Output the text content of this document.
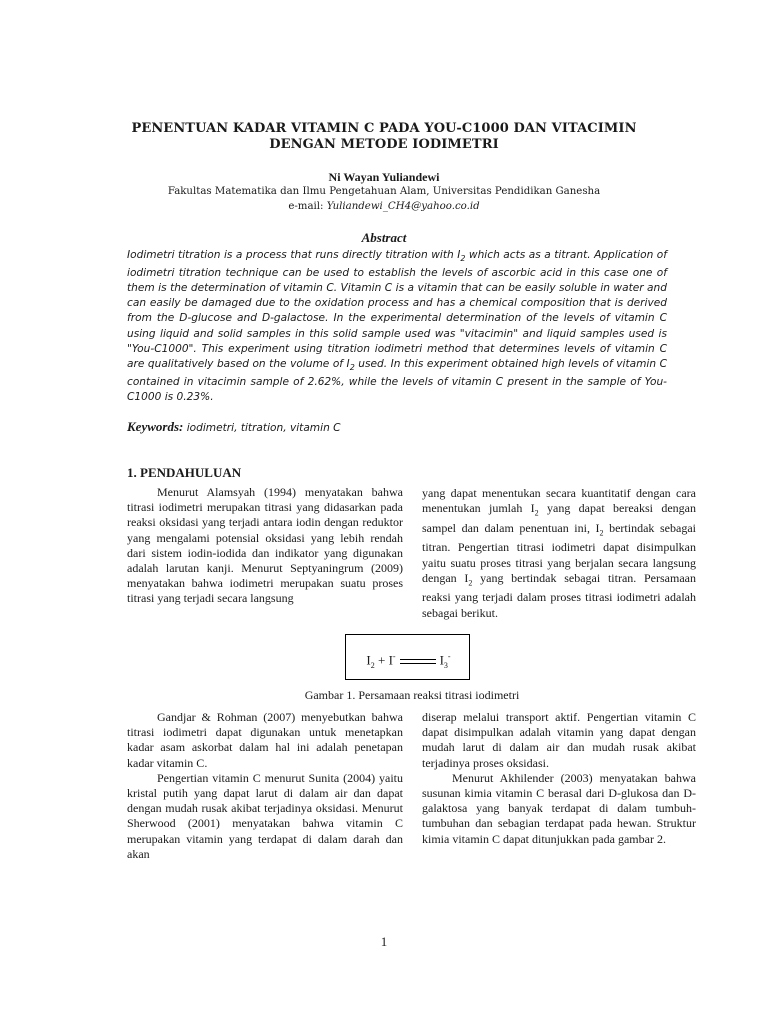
PENENTUAN KADAR VITAMIN C PADA YOU-C1000 DAN VITACIMIN
DENGAN METODE IODIMETRI
Ni Wayan Yuliandewi
Fakultas Matematika dan Ilmu Pengetahuan Alam, Universitas Pendidikan Ganesha
e-mail: Yuliandewi_CH4@yahoo.co.id
Abstract

Iodimetri titration is a process that runs directly titration with $I_2$ which acts as a titrant. Application of iodimetri titration technique can be used to establish the levels of ascorbic acid in this case one of them is the determination of vitamin C. Vitamin C is a vitamin that can be easily soluble in water and can easily be damaged due to the oxidation process and has a chemical composition that is derived from the D-glucose and D-galactose. In the experimental determination of the levels of vitamin C using liquid and solid samples in this solid sample used was "vitacimin" and liquid samples used is "You-C1000". This experiment using titration iodimetri method that determines levels of vitamin C are qualitatively based on the volume of $I_2$ used. In this experiment obtained high levels of vitamin C contained in vitacimin sample of 2.62%, while the levels of vitamin C present in the sample of You-C1000 is 0.23%.

Keywords: iodimetri, titration, vitamin C
1. PENDAHULUAN

Menurut Alamsyah (1994) menyatakan bahwa titrasi iodimetri merupakan titrasi yang didasarkan pada reaksi oksidasi yang terjadi antara iodin dengan reduktor yang mengalami potensial oksidasi yang lebih rendah dari sistem iodin-iodida dan indikator yang digunakan adalah larutan kanji. Menurut Septyaningrum (2009) menyatakan bahwa iodimetri merupakan suatu proses titrasi yang terjadi secara langsung

yang dapat menentukan secara kuantitatif dengan cara menentukan jumlah $I_2$ yang dapat bereaksi dengan sampel dan dalam penentuan ini, $I_2$ bertindak sebagai titran. Pengertian titrasi iodimetri dapat disimpulkan yaitu suatu proses titrasi yang berjalan secara langsung dengan $I_2$ yang bertindak sebagai titran. Persamaan reaksi yang terjadi dalam proses titrasi iodimetri adalah sebagai berikut.

$I_2 + I^-$	$I_3^-$
Gambar 1. Persamaan reaksi titrasi iodimetri

Gandjar & Rohman (2007) menyebutkan bahwa titrasi iodimetri dapat digunakan untuk menetapkan kadar asam askorbat dalam hal ini adalah penetapan kadar vitamin C.

Pengertian vitamin C menurut Sunita (2004) yaitu kristal putih yang dapat larut di dalam air dan dapat dengan mudah rusak akibat terjadinya oksidasi. Menurut Sherwood (2001) menyatakan bahwa vitamin C merupakan vitamin yang terdapat di dalam darah dan akan

diserap melalui transport aktif. Pengertian vitamin C dapat disimpulkan adalah vitamin yang dapat dengan mudah larut di dalam air dan mudah rusak akibat terjadinya proses oksidasi.

Menurut Akhilender (2003) menyatakan bahwa susunan kimia vitamin C berasal dari D-glukosa dan D-galaktosa yang banyak terdapat di dalam tumbuh-tumbuhan dan sebagian terdapat pada hewan. Struktur kimia vitamin C dapat ditunjukkan pada gambar 2.

1
